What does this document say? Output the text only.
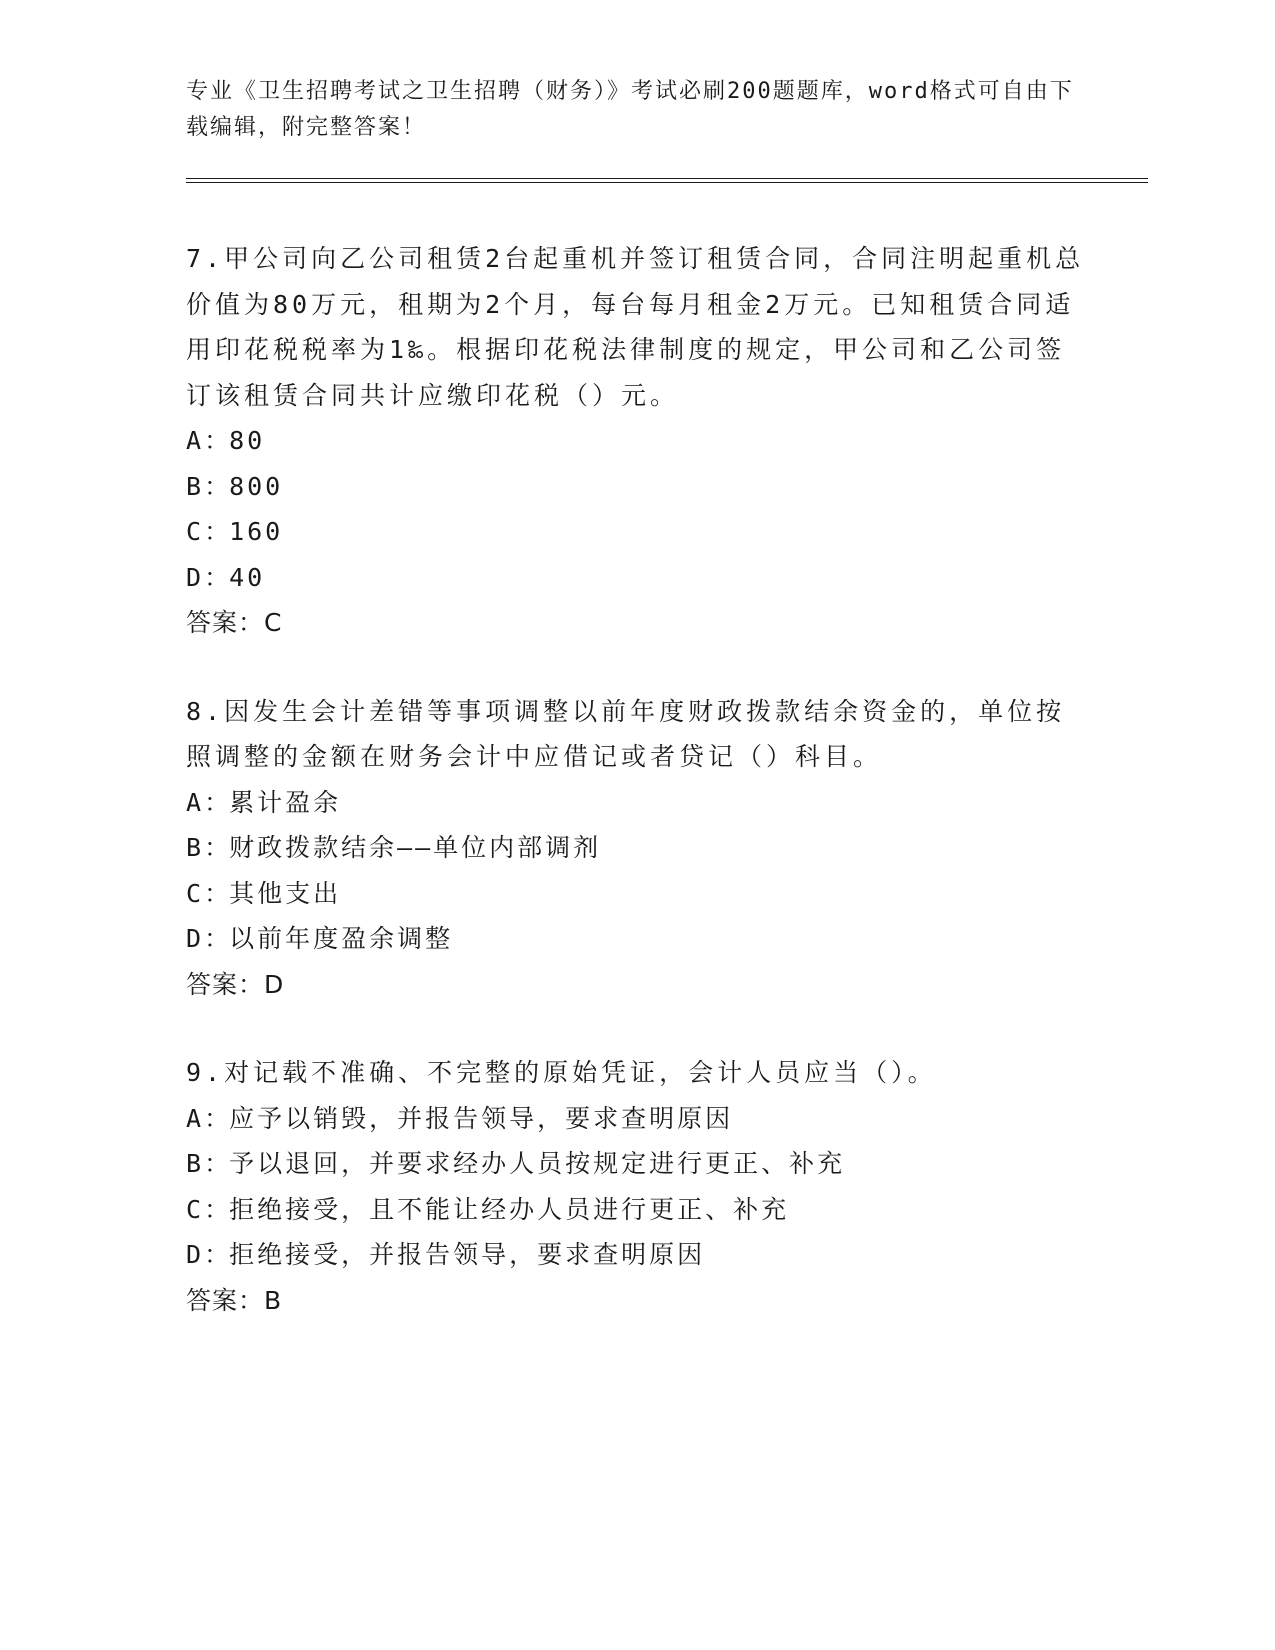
专业《卫生招聘考试之卫生招聘（财务）》考试必刷200题题库，word格式可自由下载编辑，附完整答案！

7.甲公司向乙公司租赁2台起重机并签订租赁合同，合同注明起重机总价值为80万元，租期为2个月，每台每月租金2万元。已知租赁合同适用印花税税率为1‰。根据印花税法律制度的规定，甲公司和乙公司签订该租赁合同共计应缴印花税（）元。

A：80
B：800
C：160
D：40
答案：C

8.因发生会计差错等事项调整以前年度财政拨款结余资金的，单位按照调整的金额在财务会计中应借记或者贷记（）科目。

A：累计盈余
B：财政拨款结余——单位内部调剂
C：其他支出
D：以前年度盈余调整
答案：D

9.对记载不准确、不完整的原始凭证，会计人员应当（）。

A：应予以销毁，并报告领导，要求查明原因
B：予以退回，并要求经办人员按规定进行更正、补充
C：拒绝接受，且不能让经办人员进行更正、补充
D：拒绝接受，并报告领导，要求查明原因
答案：B
